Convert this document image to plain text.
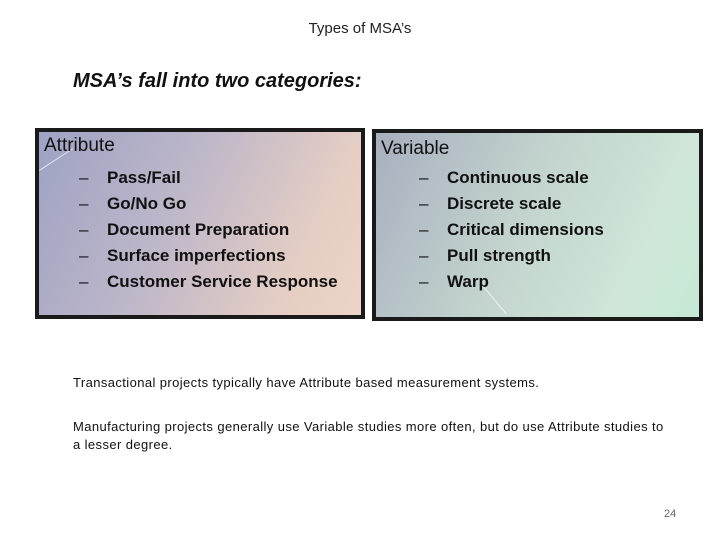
Types of MSA’s
MSA’s fall into two categories:
Attribute
– Pass/Fail
– Go/No Go
– Document Preparation
– Surface imperfections
– Customer Service Response
Variable
– Continuous scale
– Discrete scale
– Critical dimensions
– Pull strength
– Warp
Transactional projects typically have Attribute based measurement systems.
Manufacturing projects generally use Variable studies more often, but do use Attribute studies to a lesser degree.
24
